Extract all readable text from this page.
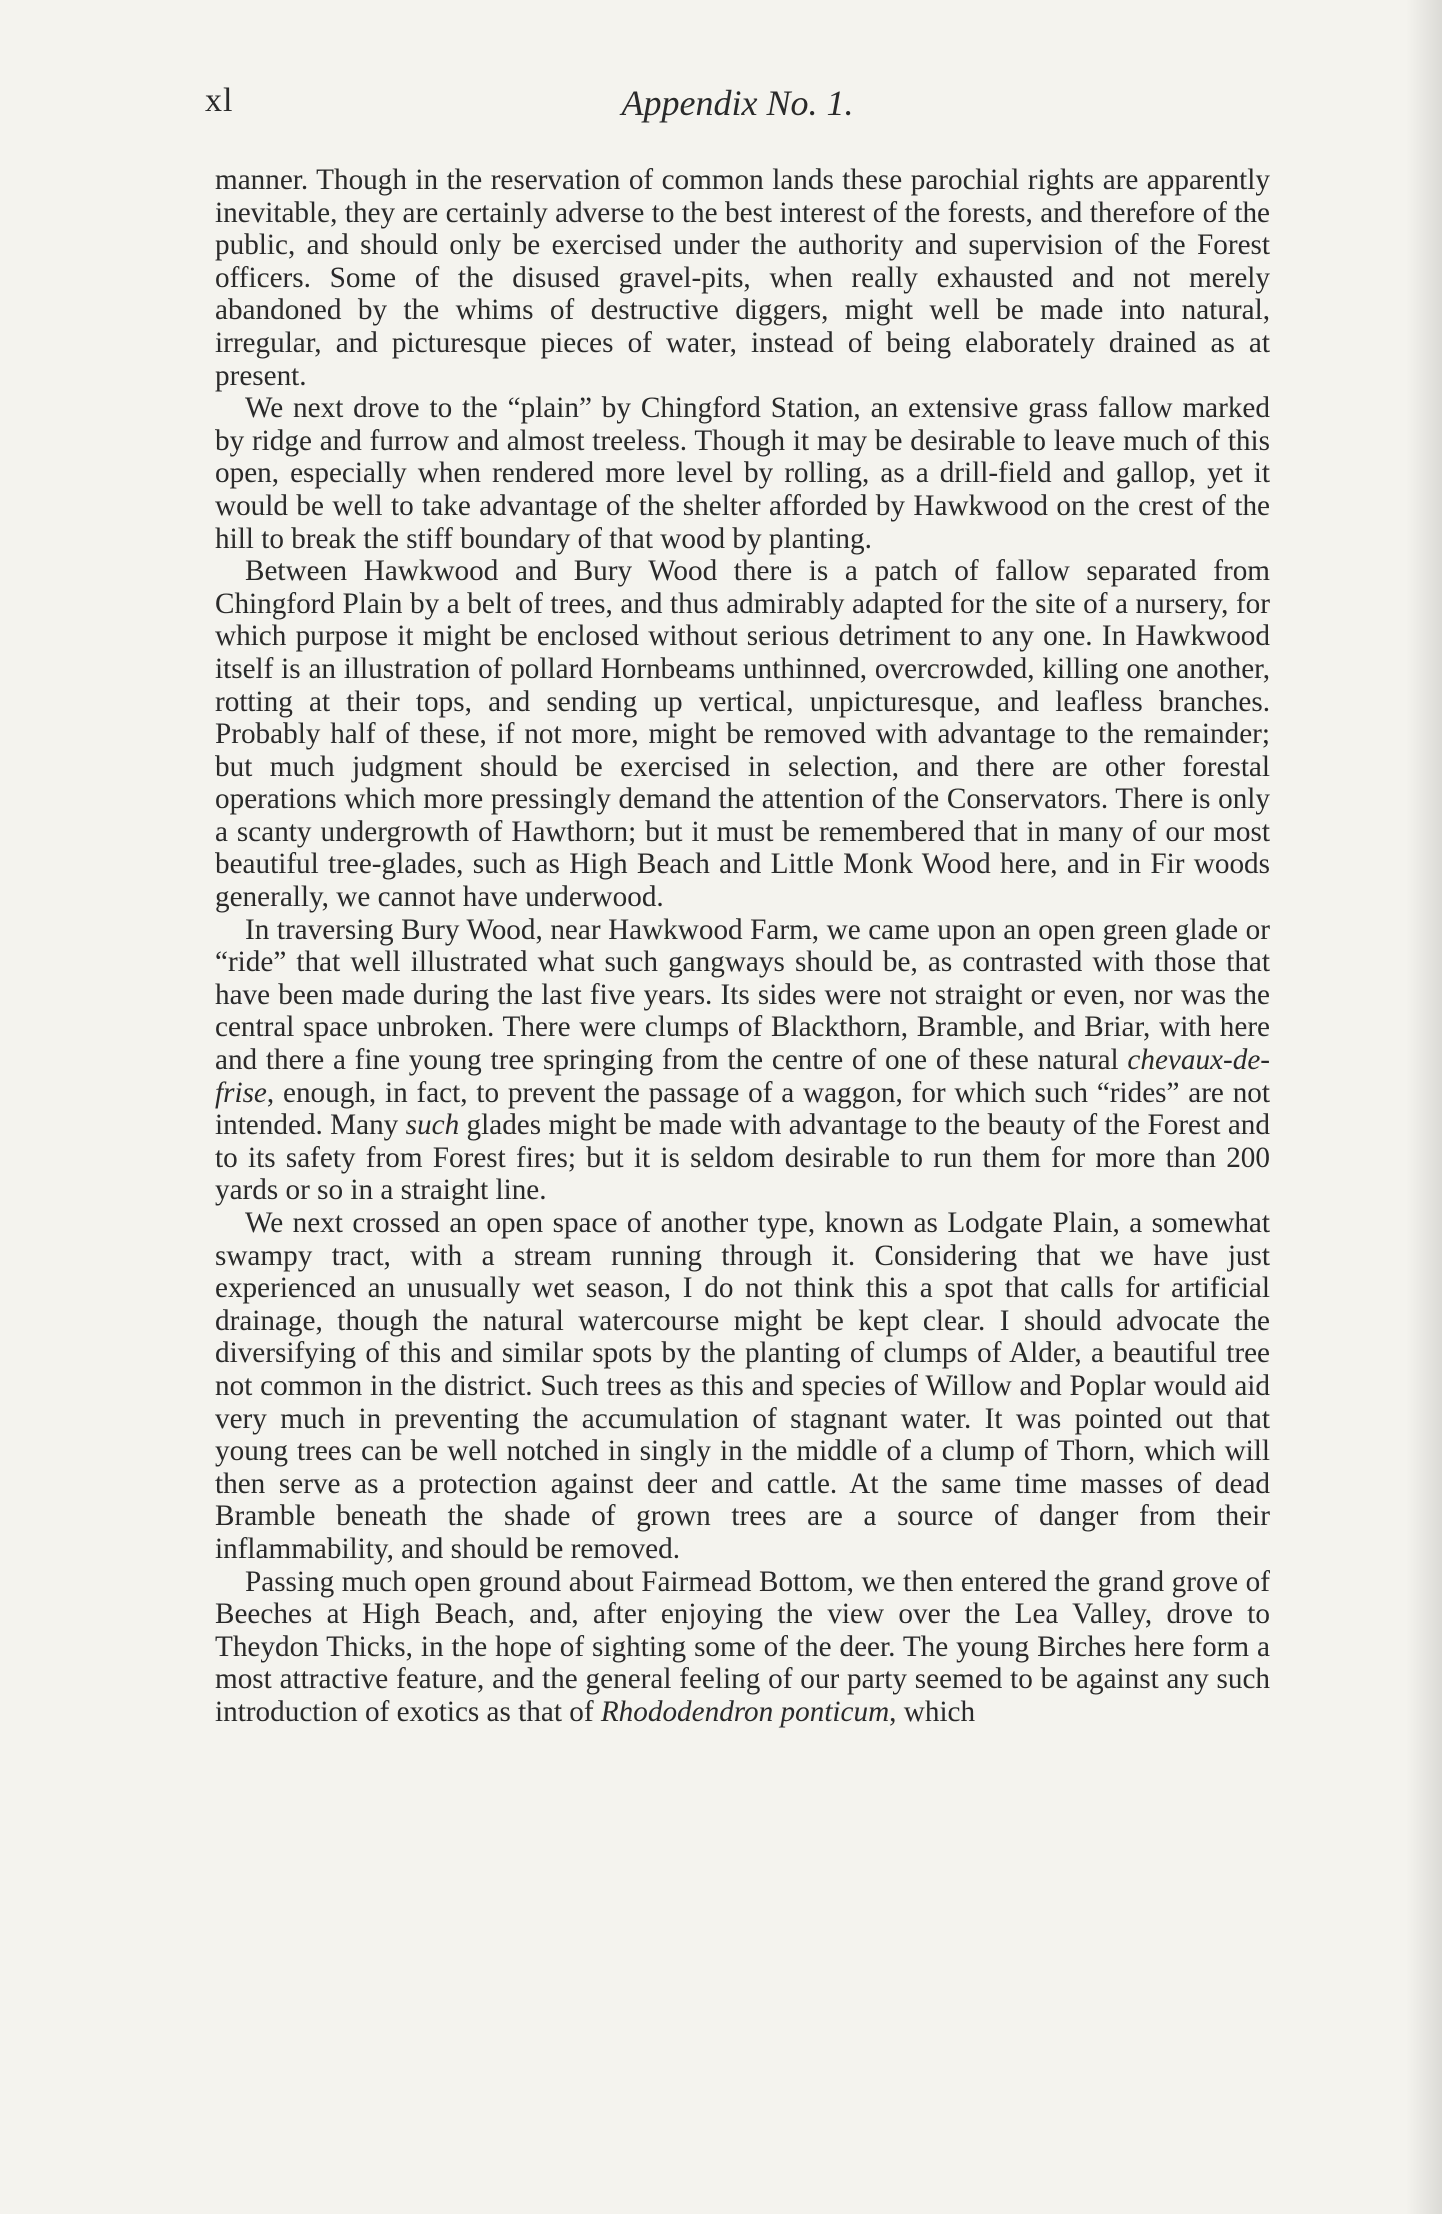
xl	Appendix No. 1.

manner. Though in the reservation of common lands these parochial rights are apparently inevitable, they are certainly adverse to the best interest of the forests, and therefore of the public, and should only be exercised under the authority and supervision of the Forest officers. Some of the disused gravel-pits, when really exhausted and not merely abandoned by the whims of destructive diggers, might well be made into natural, irregular, and picturesque pieces of water, instead of being elaborately drained as at present.

We next drove to the “plain” by Chingford Station, an extensive grass fallow marked by ridge and furrow and almost treeless. Though it may be desirable to leave much of this open, especially when rendered more level by rolling, as a drill-field and gallop, yet it would be well to take advantage of the shelter afforded by Hawkwood on the crest of the hill to break the stiff boundary of that wood by planting.

Between Hawkwood and Bury Wood there is a patch of fallow separated from Chingford Plain by a belt of trees, and thus admirably adapted for the site of a nursery, for which purpose it might be enclosed without serious detriment to any one. In Hawkwood itself is an illustration of pollard Hornbeams unthinned, overcrowded, killing one another, rotting at their tops, and sending up vertical, unpicturesque, and leafless branches. Probably half of these, if not more, might be removed with advantage to the remainder; but much judgment should be exercised in selection, and there are other forestal operations which more pressingly demand the attention of the Conservators. There is only a scanty undergrowth of Hawthorn; but it must be remembered that in many of our most beautiful tree-glades, such as High Beach and Little Monk Wood here, and in Fir woods generally, we cannot have underwood.

In traversing Bury Wood, near Hawkwood Farm, we came upon an open green glade or “ride” that well illustrated what such gangways should be, as contrasted with those that have been made during the last five years. Its sides were not straight or even, nor was the central space unbroken. There were clumps of Blackthorn, Bramble, and Briar, with here and there a fine young tree springing from the centre of one of these natural chevaux-de-frise, enough, in fact, to prevent the passage of a waggon, for which such “rides” are not intended. Many such glades might be made with advantage to the beauty of the Forest and to its safety from Forest fires; but it is seldom desirable to run them for more than 200 yards or so in a straight line.

We next crossed an open space of another type, known as Lodgate Plain, a somewhat swampy tract, with a stream running through it. Considering that we have just experienced an unusually wet season, I do not think this a spot that calls for artificial drainage, though the natural watercourse might be kept clear. I should advocate the diversifying of this and similar spots by the planting of clumps of Alder, a beautiful tree not common in the district. Such trees as this and species of Willow and Poplar would aid very much in preventing the accumulation of stagnant water. It was pointed out that young trees can be well notched in singly in the middle of a clump of Thorn, which will then serve as a protection against deer and cattle. At the same time masses of dead Bramble beneath the shade of grown trees are a source of danger from their inflammability, and should be removed.

Passing much open ground about Fairmead Bottom, we then entered the grand grove of Beeches at High Beach, and, after enjoying the view over the Lea Valley, drove to Theydon Thicks, in the hope of sighting some of the deer. The young Birches here form a most attractive feature, and the general feeling of our party seemed to be against any such introduction of exotics as that of Rhododendron ponticum, which
